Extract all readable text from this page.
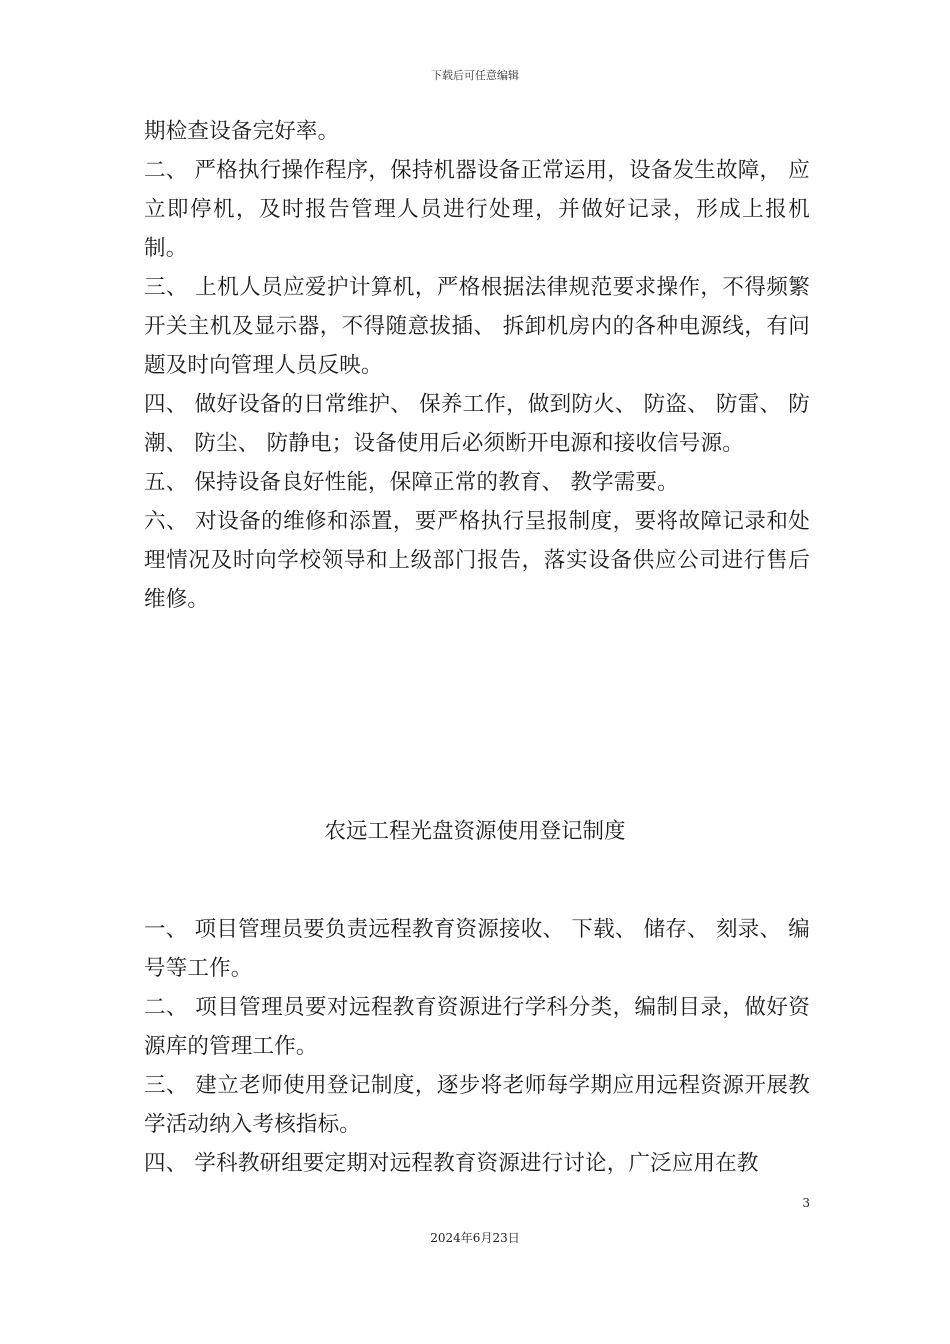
下载后可任意编辑

期检查设备完好率。

二、 严格执行操作程序，保持机器设备正常运用，设备发生故障， 应立即停机，及时报告管理人员进行处理，并做好记录，形成上报机制。

三、 上机人员应爱护计算机，严格根据法律规范要求操作，不得频繁开关主机及显示器，不得随意拔插、 拆卸机房内的各种电源线，有问题及时向管理人员反映。

四、 做好设备的日常维护、 保养工作，做到防火、 防盗、 防雷、 防潮、 防尘、 防静电；设备使用后必须断开电源和接收信号源。

五、 保持设备良好性能，保障正常的教育、 教学需要。

六、 对设备的维修和添置，要严格执行呈报制度，要将故障记录和处理情况及时向学校领导和上级部门报告，落实设备供应公司进行售后维修。

农远工程光盘资源使用登记制度

一、 项目管理员要负责远程教育资源接收、 下载、 储存、 刻录、 编号等工作。

二、 项目管理员要对远程教育资源进行学科分类，编制目录，做好资源库的管理工作。

三、 建立老师使用登记制度，逐步将老师每学期应用远程资源开展教学活动纳入考核指标。

四、 学科教研组要定期对远程教育资源进行讨论，广泛应用在教

3
2024年6月23日
